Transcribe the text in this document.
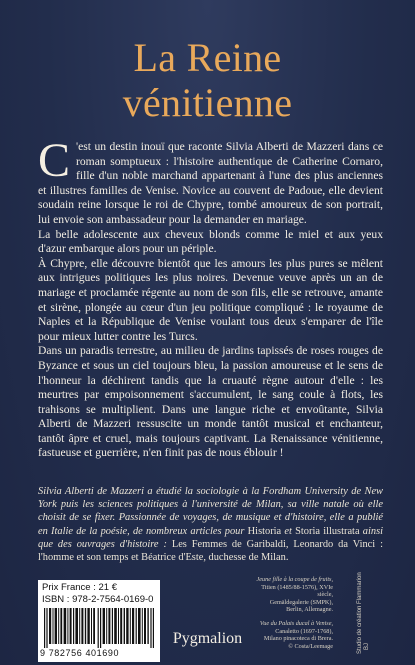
La Reine
vénitienne

C 'est un destin inouï que raconte Silvia Alberti de Mazzeri dans ce roman somptueux : l'histoire authentique de Catherine Cornaro, fille d'un noble marchand appartenant à l'une des plus anciennes et illustres familles de Venise. Novice au couvent de Padoue, elle devient soudain reine lorsque le roi de Chypre, tombé amoureux de son portrait, lui envoie son ambassadeur pour la demander en mariage.

La belle adolescente aux cheveux blonds comme le miel et aux yeux d'azur embarque alors pour un périple.

À Chypre, elle découvre bientôt que les amours les plus pures se mêlent aux intrigues politiques les plus noires. Devenue veuve après un an de mariage et proclamée régente au nom de son fils, elle se retrouve, amante et sirène, plongée au cœur d'un jeu politique compliqué : le royaume de Naples et la République de Venise voulant tous deux s'emparer de l'île pour mieux lutter contre les Turcs.

Dans un paradis terrestre, au milieu de jardins tapissés de roses rouges de Byzance et sous un ciel toujours bleu, la passion amoureuse et le sens de l'honneur la déchirent tandis que la cruauté règne autour d'elle : les meurtres par empoisonnement s'accumulent, le sang coule à flots, les trahisons se multiplient. Dans une langue riche et envoûtante, Silvia Alberti de Mazzeri ressuscite un monde tantôt musical et enchanteur, tantôt âpre et cruel, mais toujours captivant. La Renaissance vénitienne, fastueuse et guerrière, n'en finit pas de nous éblouir !

Silvia Alberti de Mazzeri a étudié la sociologie à la Fordham University de New York puis les sciences politiques à l'université de Milan, sa ville natale où elle choisit de se fixer. Passionnée de voyages, de musique et d'histoire, elle a publié en Italie de la poésie, de nombreux articles pour Historia et Storia illustrata ainsi que des ouvrages d'histoire : Les Femmes de Garibaldi, Leonardo da Vinci : l'homme et son temps et Béatrice d'Este, duchesse de Milan.
Prix France : 21 €
ISBN : 978-2-7564-0169-0
9 782756 401690
Jeune fille à la coupe de fruits,
Titien (1485/88-1576), XVIe siècle,
Gemäldegalerie (SMPK),
Berlin, Allemagne.
Vue du Palais ducal à Venise,
Canaletto (1697-1768),
Milano pinacoteca di Brera.
© Costa/Leemage	Studio de création Flammarion BJ
Pygmalion
